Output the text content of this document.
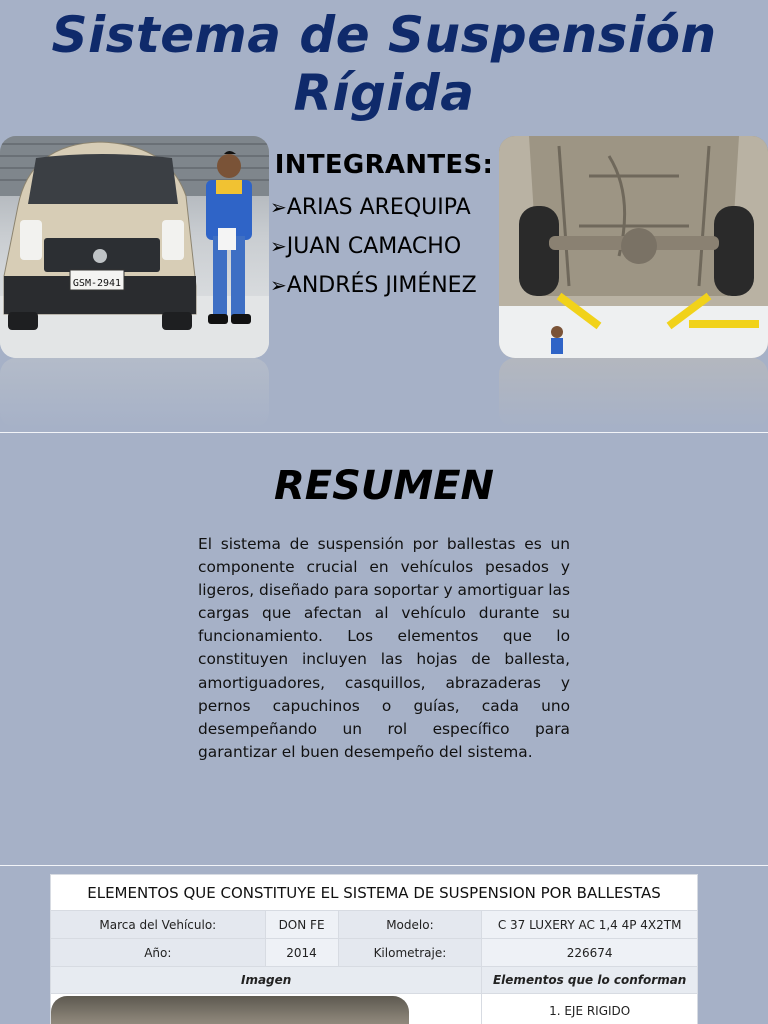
Sistema de Suspensión
Rígida
GSM-2941
INTEGRANTES:
➢ARIAS AREQUIPA
➢JUAN CAMACHO
➢ANDRÉS JIMÉNEZ
RESUMEN

El sistema de suspensión por ballestas es un componente crucial en vehículos pesados y ligeros, diseñado para soportar y amortiguar las cargas que afectan al vehículo durante su funcionamiento. Los elementos que lo constituyen incluyen las hojas de ballesta, amortiguadores, casquillos, abrazaderas y pernos capuchinos o guías, cada uno desempeñando un rol específico para garantizar el buen desempeño del sistema.

ELEMENTOS QUE CONSTITUYE EL SISTEMA DE SUSPENSION POR BALLESTAS			
Marca del Vehículo:	DON FE	Modelo:	C 37 LUXERY AC 1,4 4P 4X2TM
Año:	2014	Kilometraje:	226674
Imagen			Elementos que lo conforman

			1. EJE RIGIDO
